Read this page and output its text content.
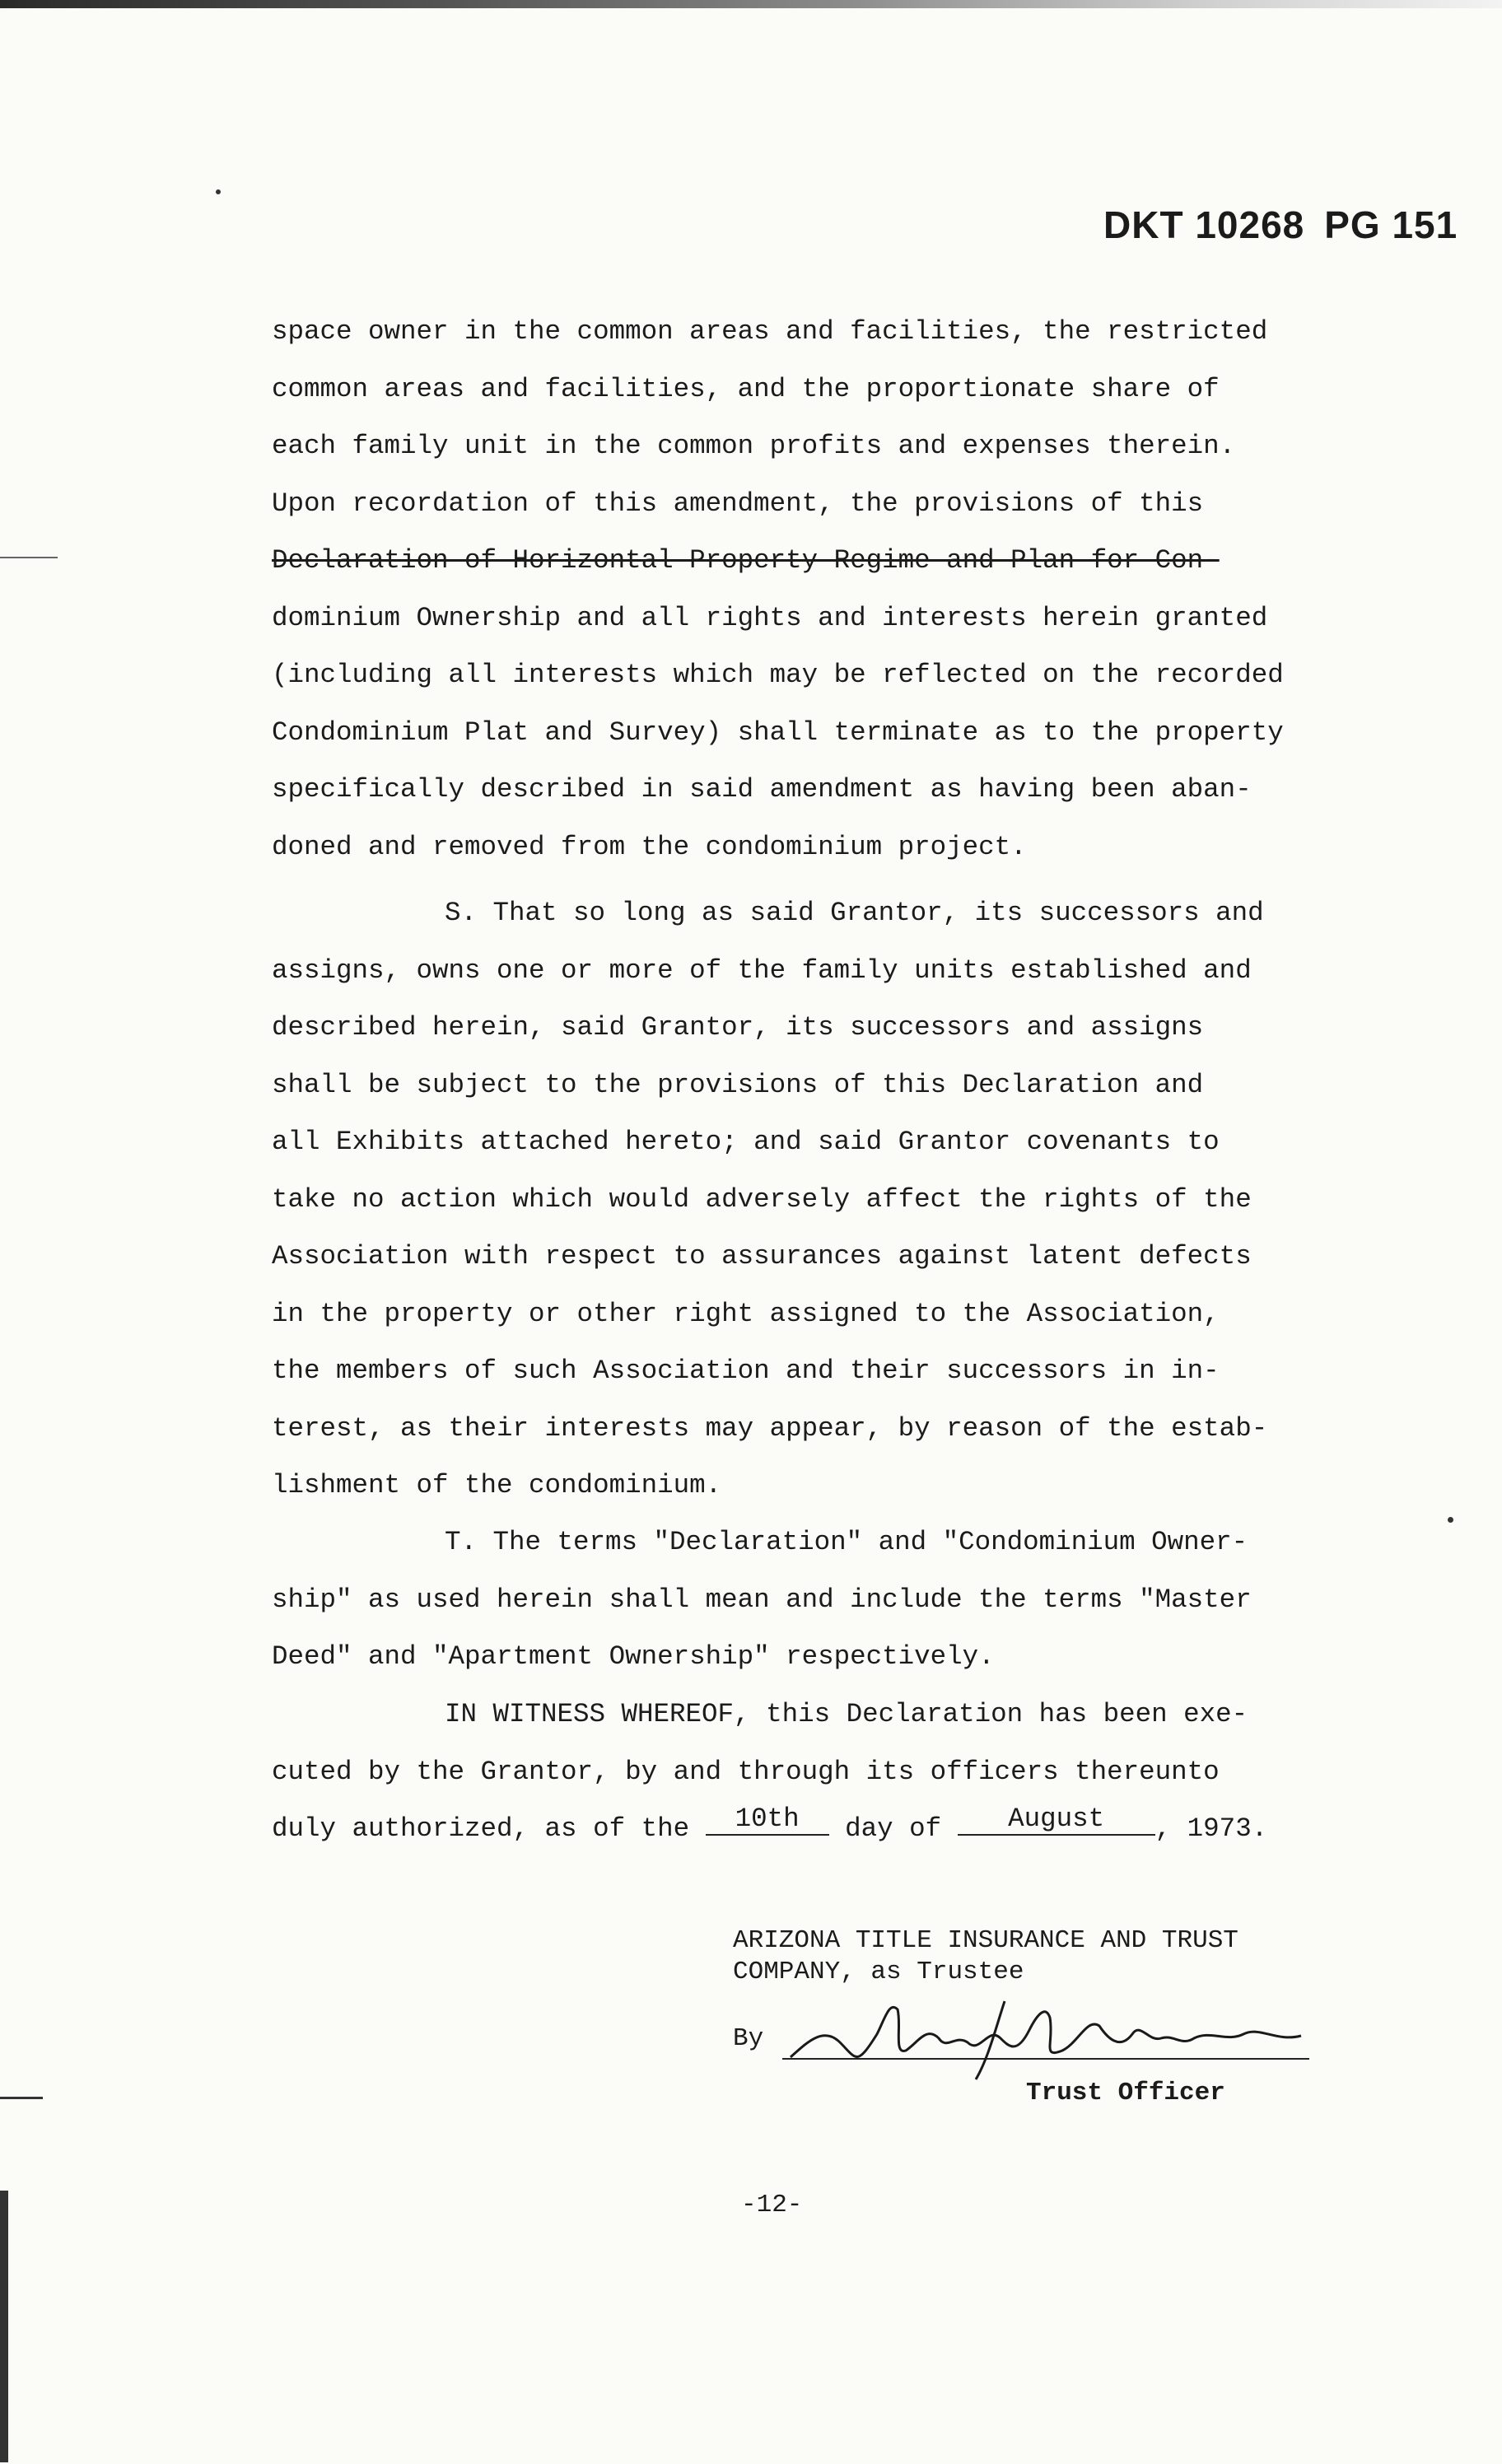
DKT 10268 PG 151
space owner in the common areas and facilities, the restricted
common areas and facilities, and the proportionate share of
each family unit in the common profits and expenses therein.
Upon recordation of this amendment, the provisions of this
Declaration of Horizontal Property Regime and Plan for Con-
dominium Ownership and all rights and interests herein granted
(including all interests which may be reflected on the recorded
Condominium Plat and Survey) shall terminate as to the property
specifically described in said amendment as having been aban-
doned and removed from the condominium project.
S. That so long as said Grantor, its successors and
assigns, owns one or more of the family units established and
described herein, said Grantor, its successors and assigns
shall be subject to the provisions of this Declaration and
all Exhibits attached hereto; and said Grantor covenants to
take no action which would adversely affect the rights of the
Association with respect to assurances against latent defects
in the property or other right assigned to the Association,
the members of such Association and their successors in in-
terest, as their interests may appear, by reason of the estab-
lishment of the condominium.
T. The terms "Declaration" and "Condominium Owner-
ship" as used herein shall mean and include the terms "Master
Deed" and "Apartment Ownership" respectively.
IN WITNESS WHEREOF, this Declaration has been exe-
cuted by the Grantor, by and through its officers thereunto
duly authorized, as of the 10th day of August , 1973.
ARIZONA TITLE INSURANCE AND TRUST
COMPANY, as Trustee
By
Trust Officer
-12-
